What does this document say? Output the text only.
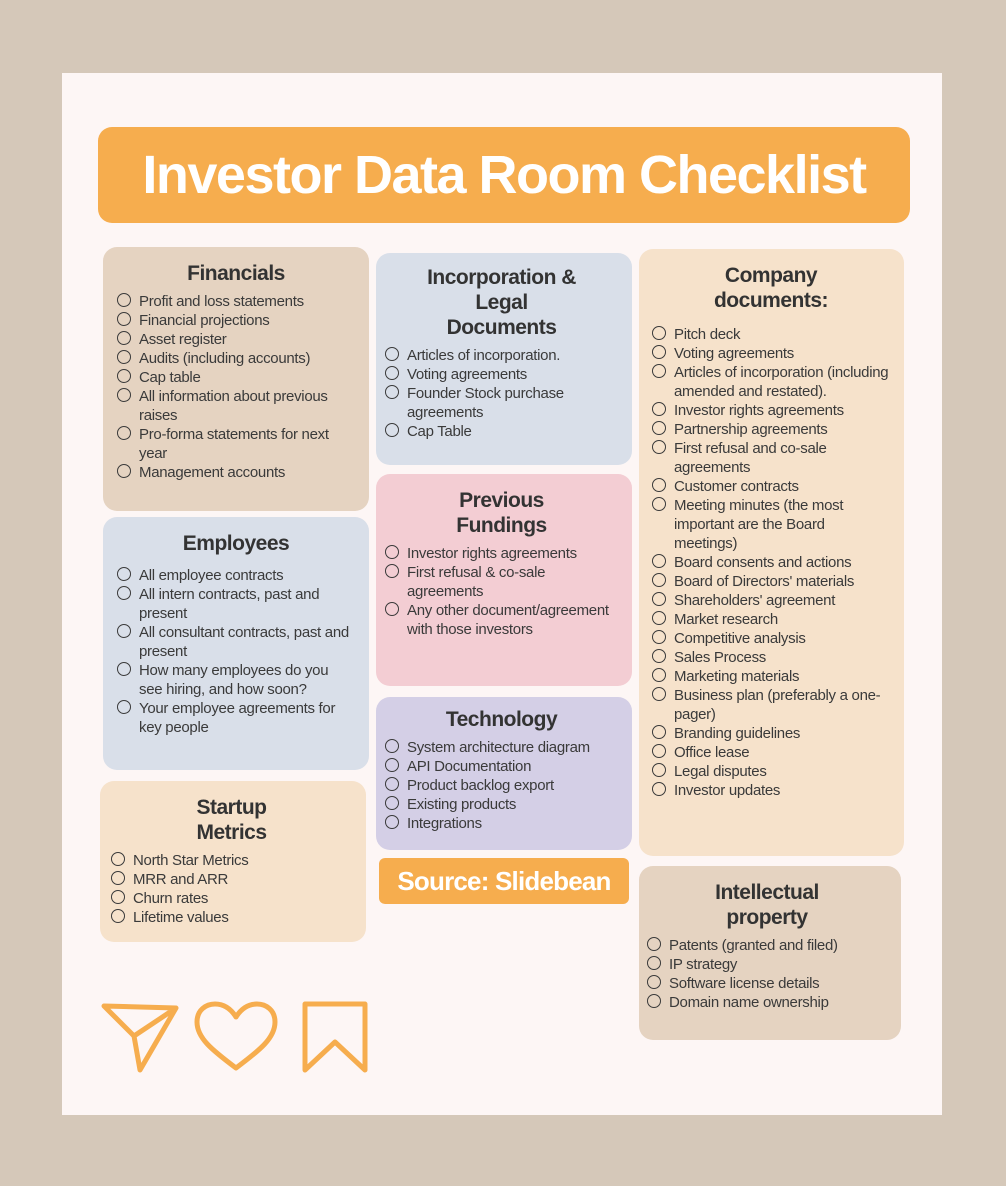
Investor Data Room Checklist
Financials
Profit and loss statements
Financial projections
Asset register
Audits (including accounts)
Cap table
All information about previous raises
Pro-forma statements for next year
Management accounts
Employees
All employee contracts
All intern contracts, past and present
All consultant contracts, past and present
How many employees do you see hiring, and how soon?
Your employee agreements for key people
Startup Metrics
North Star Metrics
MRR and ARR
Churn rates
Lifetime values
Incorporation & Legal Documents
Articles of incorporation.
Voting agreements
Founder Stock purchase agreements
Cap Table
Previous Fundings
Investor rights agreements
First refusal & co-sale agreements
Any other document/agreement with those investors
Technology
System architecture diagram
API Documentation
Product backlog export
Existing products
Integrations
Source: Slidebean
Company documents:
Pitch deck
Voting agreements
Articles of incorporation (including amended and restated).
Investor rights agreements
Partnership agreements
First refusal and co-sale agreements
Customer contracts
Meeting minutes (the most important are the Board meetings)
Board consents and actions
Board of Directors' materials
Shareholders' agreement
Market research
Competitive analysis
Sales Process
Marketing materials
Business plan (preferably a one-pager)
Branding guidelines
Office lease
Legal disputes
Investor updates
Intellectual property
Patents (granted and filed)
IP strategy
Software license details
Domain name ownership
